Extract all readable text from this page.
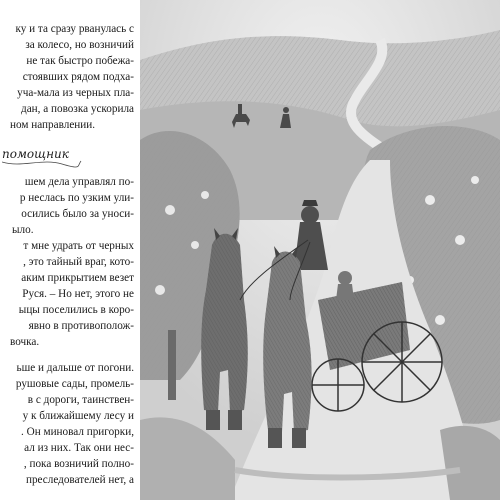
ку и та сразу рванулась с
за колесо, но возничий
не так быстро побежа-
стоявших рядом подха-
уча-мала из черных пла-
дан, а повозка ускорила
ном направлении.
помощник
шем дела управлял по-
р неслась по узким ули-
осились было за уноси-
ыло.
т мне удрать от черных
, это тайный враг, кото-
аким прикрытием везет
Руся. – Но нет, этого не
ыцы поселились в коро-
явно в противополож-
вочка.
ьше и дальше от погони.
рушовые сады, промель-
в с дороги, таинствен-
у к ближайшему лесу и
. Он миновал пригорки,
ал из них. Так они нес-
, пока возничий полно-
преследователей нет, а
